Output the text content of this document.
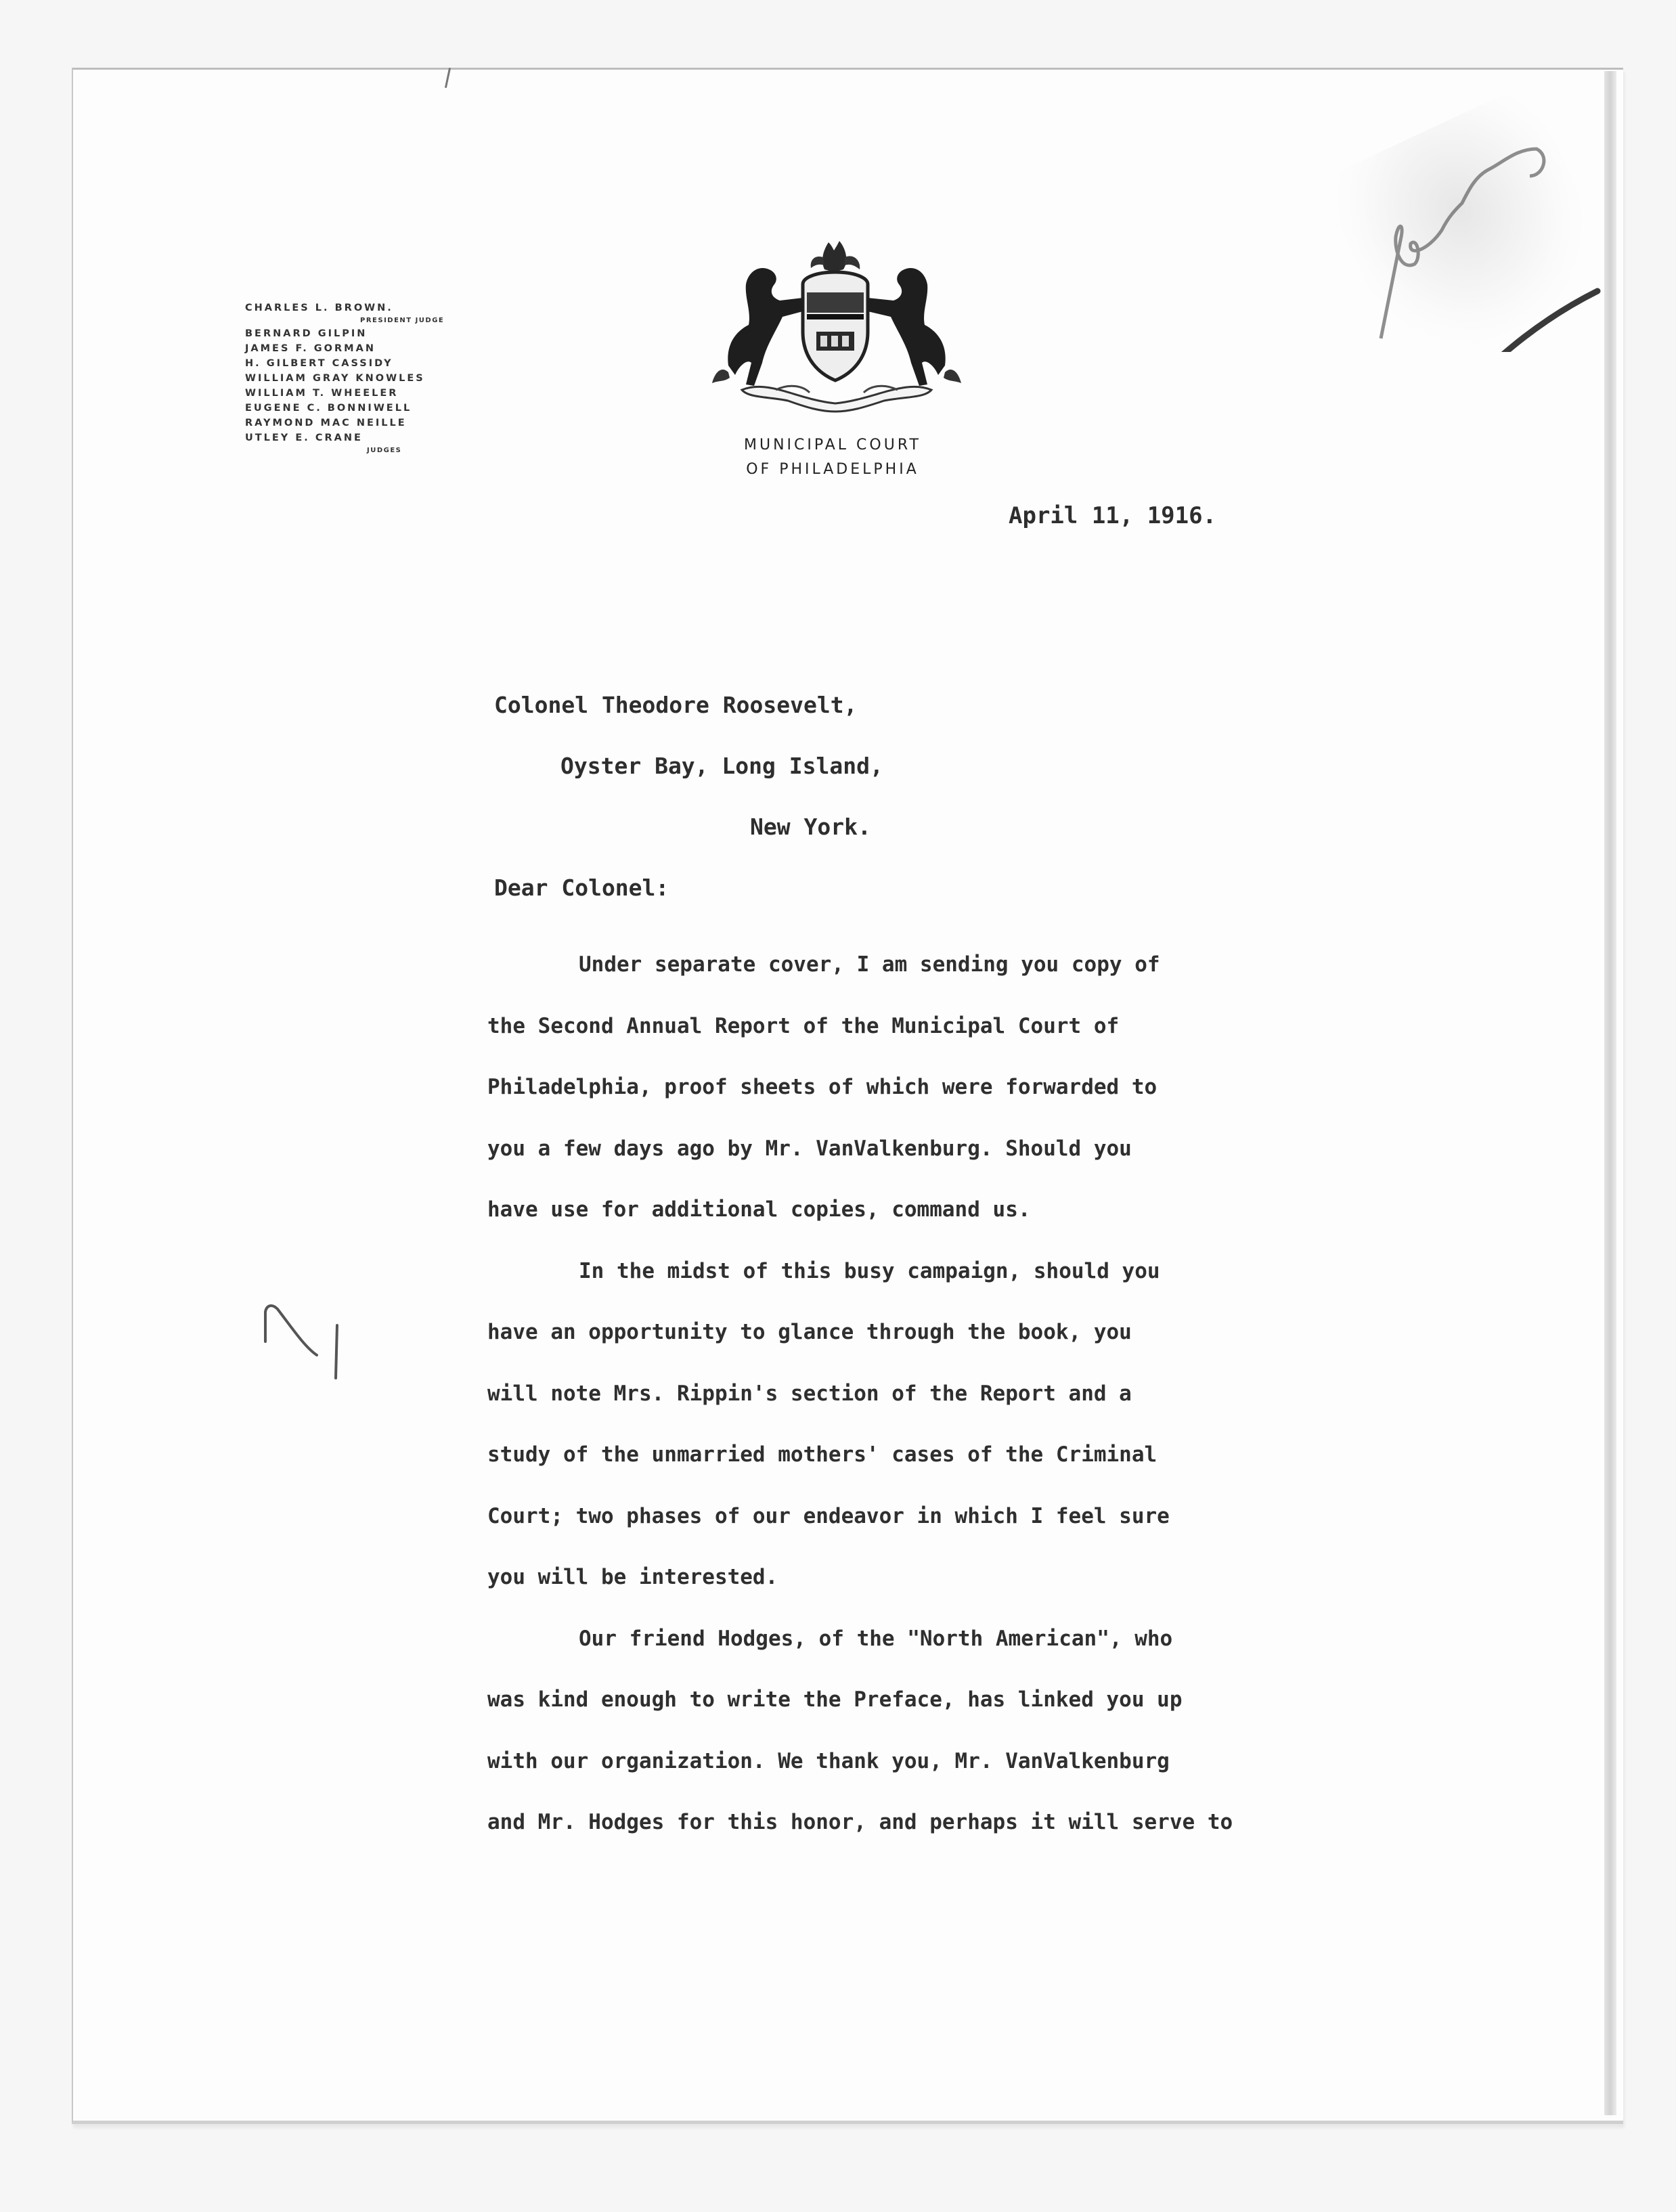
CHARLES L. BROWN.
PRESIDENT JUDGE
BERNARD GILPIN
JAMES F. GORMAN
H. GILBERT CASSIDY
WILLIAM GRAY KNOWLES
WILLIAM T. WHEELER
EUGENE C. BONNIWELL
RAYMOND MAC NEILLE
UTLEY E. CRANE
JUDGES	MUNICIPAL COURT
OF PHILADELPHIA
April 11, 1916.
Colonel Theodore Roosevelt,
Oyster Bay, Long Island,
New York.
Dear Colonel:
Under separate cover, I am sending you copy of
the Second Annual Report of the Municipal Court of
Philadelphia, proof sheets of which were forwarded to
you a few days ago by Mr. VanValkenburg. Should you
have use for additional copies, command us.
In the midst of this busy campaign, should you
have an opportunity to glance through the book, you
will note Mrs. Rippin's section of the Report and a
study of the unmarried mothers' cases of the Criminal
Court; two phases of our endeavor in which I feel sure
you will be interested.
Our friend Hodges, of the "North American", who
was kind enough to write the Preface, has linked you up
with our organization. We thank you, Mr. VanValkenburg
and Mr. Hodges for this honor, and perhaps it will serve to
